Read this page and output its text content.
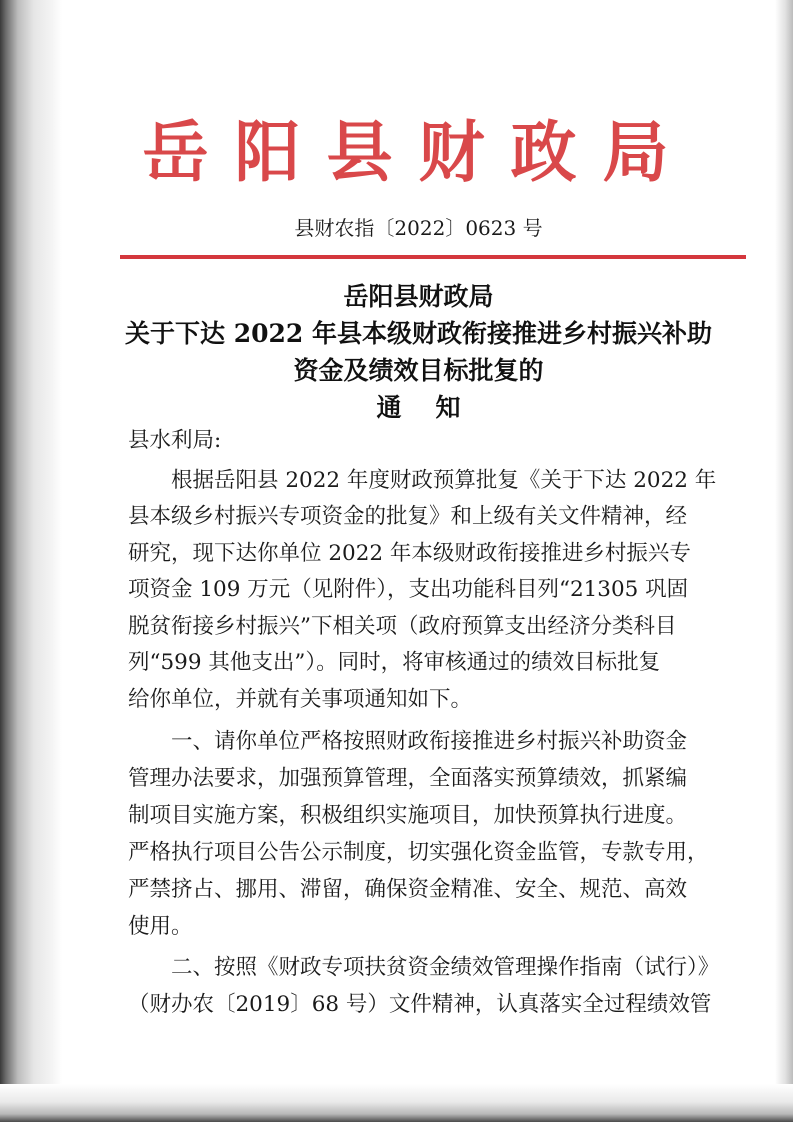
岳阳县财政局
县财农指〔2022〕0623 号
岳阳县财政局
关于下达 2022 年县本级财政衔接推进乡村振兴补助
资金及绩效目标批复的
通知
县水利局:
　　根据岳阳县 2022 年度财政预算批复《关于下达 2022 年
县本级乡村振兴专项资金的批复》和上级有关文件精神，经
研究，现下达你单位 2022 年本级财政衔接推进乡村振兴专
项资金 109 万元（见附件），支出功能科目列“21305 巩固
脱贫衔接乡村振兴”下相关项（政府预算支出经济分类科目
列“599 其他支出”）。同时，将审核通过的绩效目标批复
给你单位，并就有关事项通知如下。
　　一、请你单位严格按照财政衔接推进乡村振兴补助资金
管理办法要求，加强预算管理，全面落实预算绩效，抓紧编
制项目实施方案，积极组织实施项目，加快预算执行进度。
严格执行项目公告公示制度，切实强化资金监管，专款专用，
严禁挤占、挪用、滞留，确保资金精准、安全、规范、高效
使用。
　　二、按照《财政专项扶贫资金绩效管理操作指南（试行）》
（财办农〔2019〕68 号）文件精神，认真落实全过程绩效管
